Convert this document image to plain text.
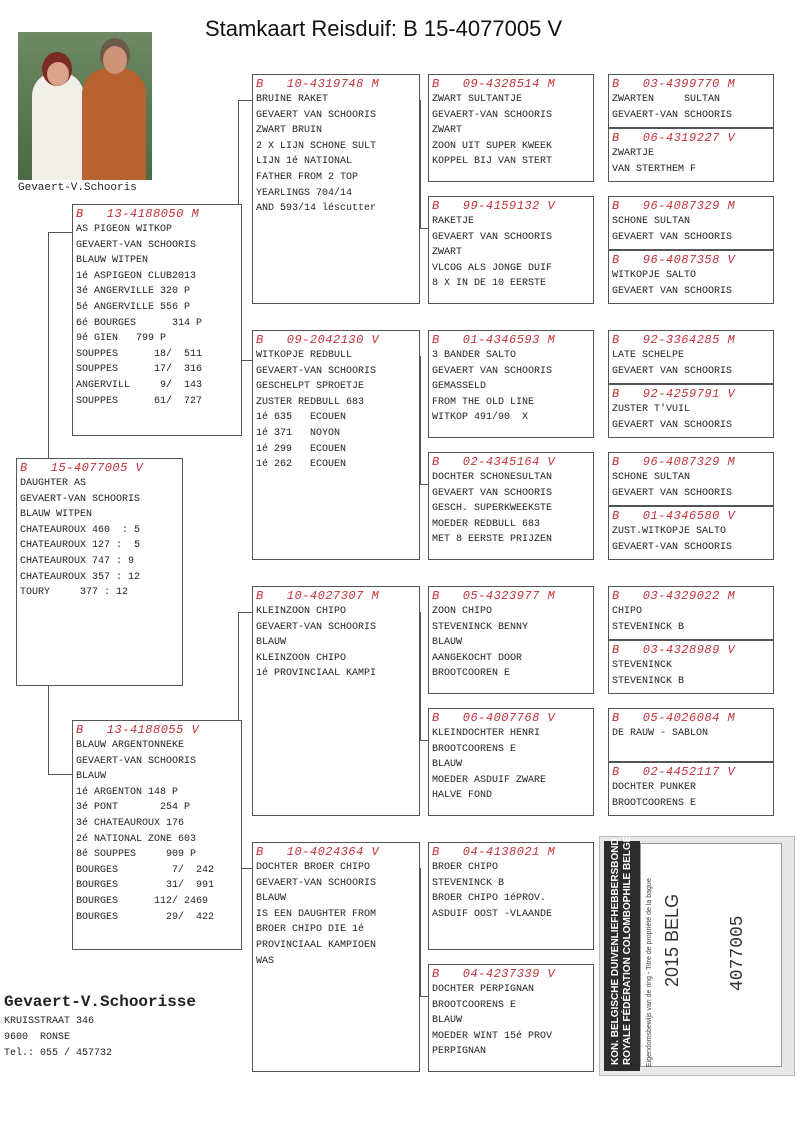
Stamkaart Reisduif: B 15-4077005 V
Gevaert-V.Schooris
B   15-4077005 V
DAUGHTER AS
GEVAERT-VAN SCHOORIS
BLAUW WITPEN
CHATEAUROUX 460  : 5
CHATEAUROUX 127 :  5
CHATEAUROUX 747 : 9
CHATEAUROUX 357 : 12
TOURY     377 : 12
B   13-4188050 M
AS PIGEON WITKOP
GEVAERT-VAN SCHOORIS
BLAUW WITPEN
1é ASPIGEON CLUB2013
3é ANGERVILLE 320 P
5é ANGERVILLE 556 P
6é BOURGES      314 P
9é GIEN   799 P
SOUPPES      18/  511
SOUPPES      17/  316
ANGERVILL     9/  143
SOUPPES      61/  727
B   13-4188055 V
BLAUW ARGENTONNEKE
GEVAERT-VAN SCHOORIS
BLAUW
1é ARGENTON 148 P
3é PONT       254 P
3é CHATEAUROUX 176
2é NATIONAL ZONE 603
8é SOUPPES     909 P
BOURGES         7/  242
BOURGES        31/  991
BOURGES      112/ 2469
BOURGES        29/  422
B   10-4319748 M
BRUINE RAKET
GEVAERT VAN SCHOORIS
ZWART BRUIN
2 X LIJN SCHONE SULT
LIJN 1é NATIONAL
FATHER FROM 2 TOP
YEARLINGS 704/14
AND 593/14 léscutter
B   09-2042130 V
WITKOPJE REDBULL
GEVAERT-VAN SCHOORIS
GESCHELPT SPROETJE
ZUSTER REDBULL 683
1é 635   ECOUEN
1é 371   NOYON
1é 299   ECOUEN
1é 262   ECOUEN
B   10-4027307 M
KLEINZOON CHIPO
GEVAERT-VAN SCHOORIS
BLAUW
KLEINZOON CHIPO
1é PROVINCIAAL KAMPI
B   10-4024364 V
DOCHTER BROER CHIPO
GEVAERT-VAN SCHOORIS
BLAUW
IS EEN DAUGHTER FROM
BROER CHIPO DIE 1é
PROVINCIAAL KAMPIOEN
WAS
B   09-4328514 M
ZWART SULTANTJE
GEVAERT-VAN SCHOORIS
ZWART
ZOON UIT SUPER KWEEK
KOPPEL BIJ VAN STERT
B   99-4159132 V
RAKETJE
GEVAERT VAN SCHOORIS
ZWART
VLCOG ALS JONGE DUIF
8 X IN DE 10 EERSTE
B   01-4346593 M
3 BANDER SALTO
GEVAERT VAN SCHOORIS
GEMASSELD
FROM THE OLD LINE
WITKOP 491/90  X
B   02-4345164 V
DOCHTER SCHONESULTAN
GEVAERT VAN SCHOORIS
GESCH. SUPERKWEEKSTE
MOEDER REDBULL 683
MET 8 EERSTE PRIJZEN
B   05-4323977 M
ZOON CHIPO
STEVENINCK BENNY
BLAUW
AANGEKOCHT DOOR
BROOTCOOREN E
B   06-4007768 V
KLEINDOCHTER HENRI
BROOTCOORENS E
BLAUW
MOEDER ASDUIF ZWARE
HALVE FOND
B   04-4138021 M
BROER CHIPO
STEVENINCK B
BROER CHIPO 1éPROV.
ASDUIF OOST -VLAANDE
B   04-4237339 V
DOCHTER PERPIGNAN
BROOTCOORENS E
BLAUW
MOEDER WINT 15é PROV
PERPIGNAN
B   03-4399770 M
ZWARTEN     SULTAN
GEVAERT-VAN SCHOORIS
B   06-4319227 V
ZWARTJE
VAN STERTHEM F
B   96-4087329 M
SCHONE SULTAN
GEVAERT VAN SCHOORIS
B   96-4087358 V
WITKOPJE SALTO
GEVAERT VAN SCHOORIS
B   92-3364285 M
LATE SCHELPE
GEVAERT VAN SCHOORIS
B   92-4259791 V
ZUSTER T'VUIL
GEVAERT VAN SCHOORIS
B   96-4087329 M
SCHONE SULTAN
GEVAERT VAN SCHOORIS
B   01-4346580 V
ZUST.WITKOPJE SALTO
GEVAERT-VAN SCHOORIS
B   03-4329022 M
CHIPO
STEVENINCK B
B   03-4328989 V
STEVENINCK
STEVENINCK B
B   05-4026084 M
DE RAUW - SABLON
B   02-4452117 V
DOCHTER PUNKER
BROOTCOORENS E
Gevaert-V.Schoorisse
KRUISSTRAAT 346
9600  RONSE
Tel.: 055 / 457732	KON. BELGISCHE DUIVENLIEFHEBBERSBOND ROYALE FÉDÉRATION COLOMBOPHILE BELGE Eigendomsbewijs van de ring - Titre de propriété de la bague 2015 BELG	4077005
